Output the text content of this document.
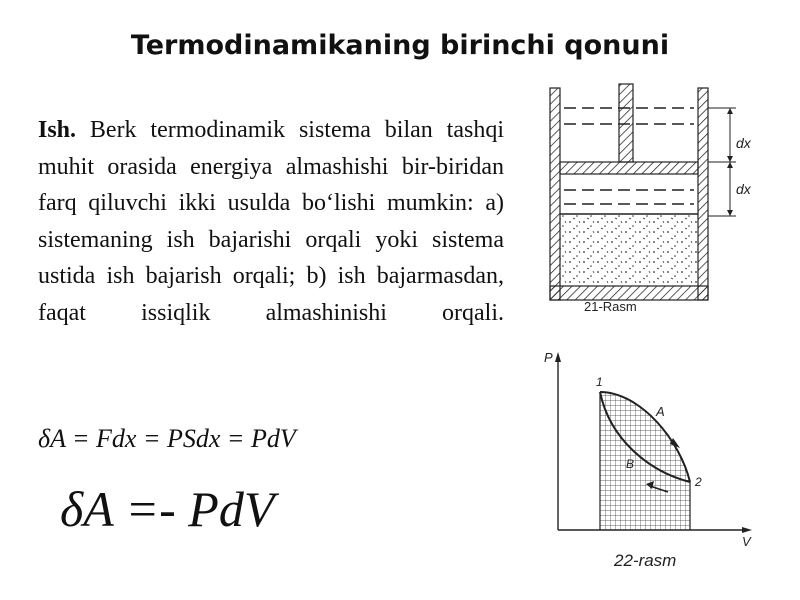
Termodinamikaning birinchi qonuni
Ish. Berk termodinamik sistema bilan tashqi muhit orasida energiya almashishi bir-biridan farq qiluvchi ikki usulda bo‘lishi mumkin: a) sistemaning ish bajarishi orqali yoki sistema ustida ish bajarish orqali; b) ish bajarmasdan, faqat issiqlik almashinishi orqali.
δA = Fdx = PSdx = PdV
δA =- PdV
dx
dx
21-Rasm
P
V
1
2
A
B
22-rasm
